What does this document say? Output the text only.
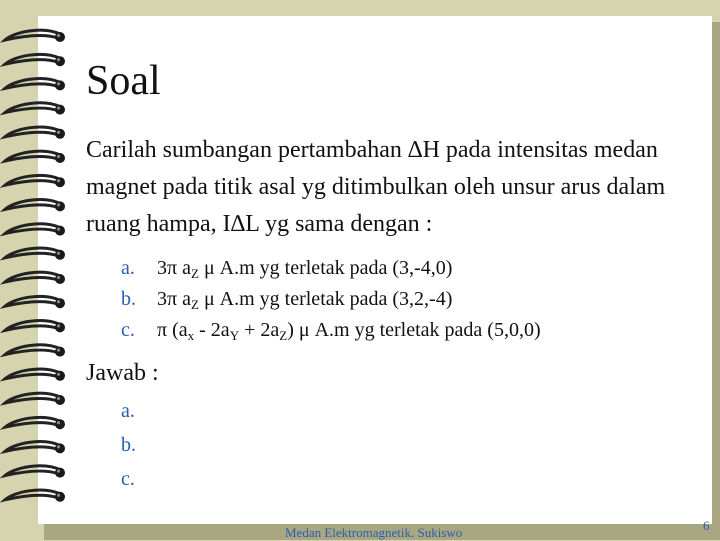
Soal
Carilah sumbangan pertambahan ∆H pada intensitas medan magnet pada titik asal yg ditimbulkan oleh unsur arus dalam ruang hampa, I∆L yg sama dengan :
a. 3π $a_Z$ μ A.m yg terletak pada (3,-4,0)
b. 3π $a_Z$ μ A.m yg terletak pada (3,2,-4)
c. π $(a_x - 2a_Y + 2a_Z)$ μ A.m yg terletak pada (5,0,0)
Jawab :
a.
b.
c.
Medan Elektromagnetik. Sukiswo	6
